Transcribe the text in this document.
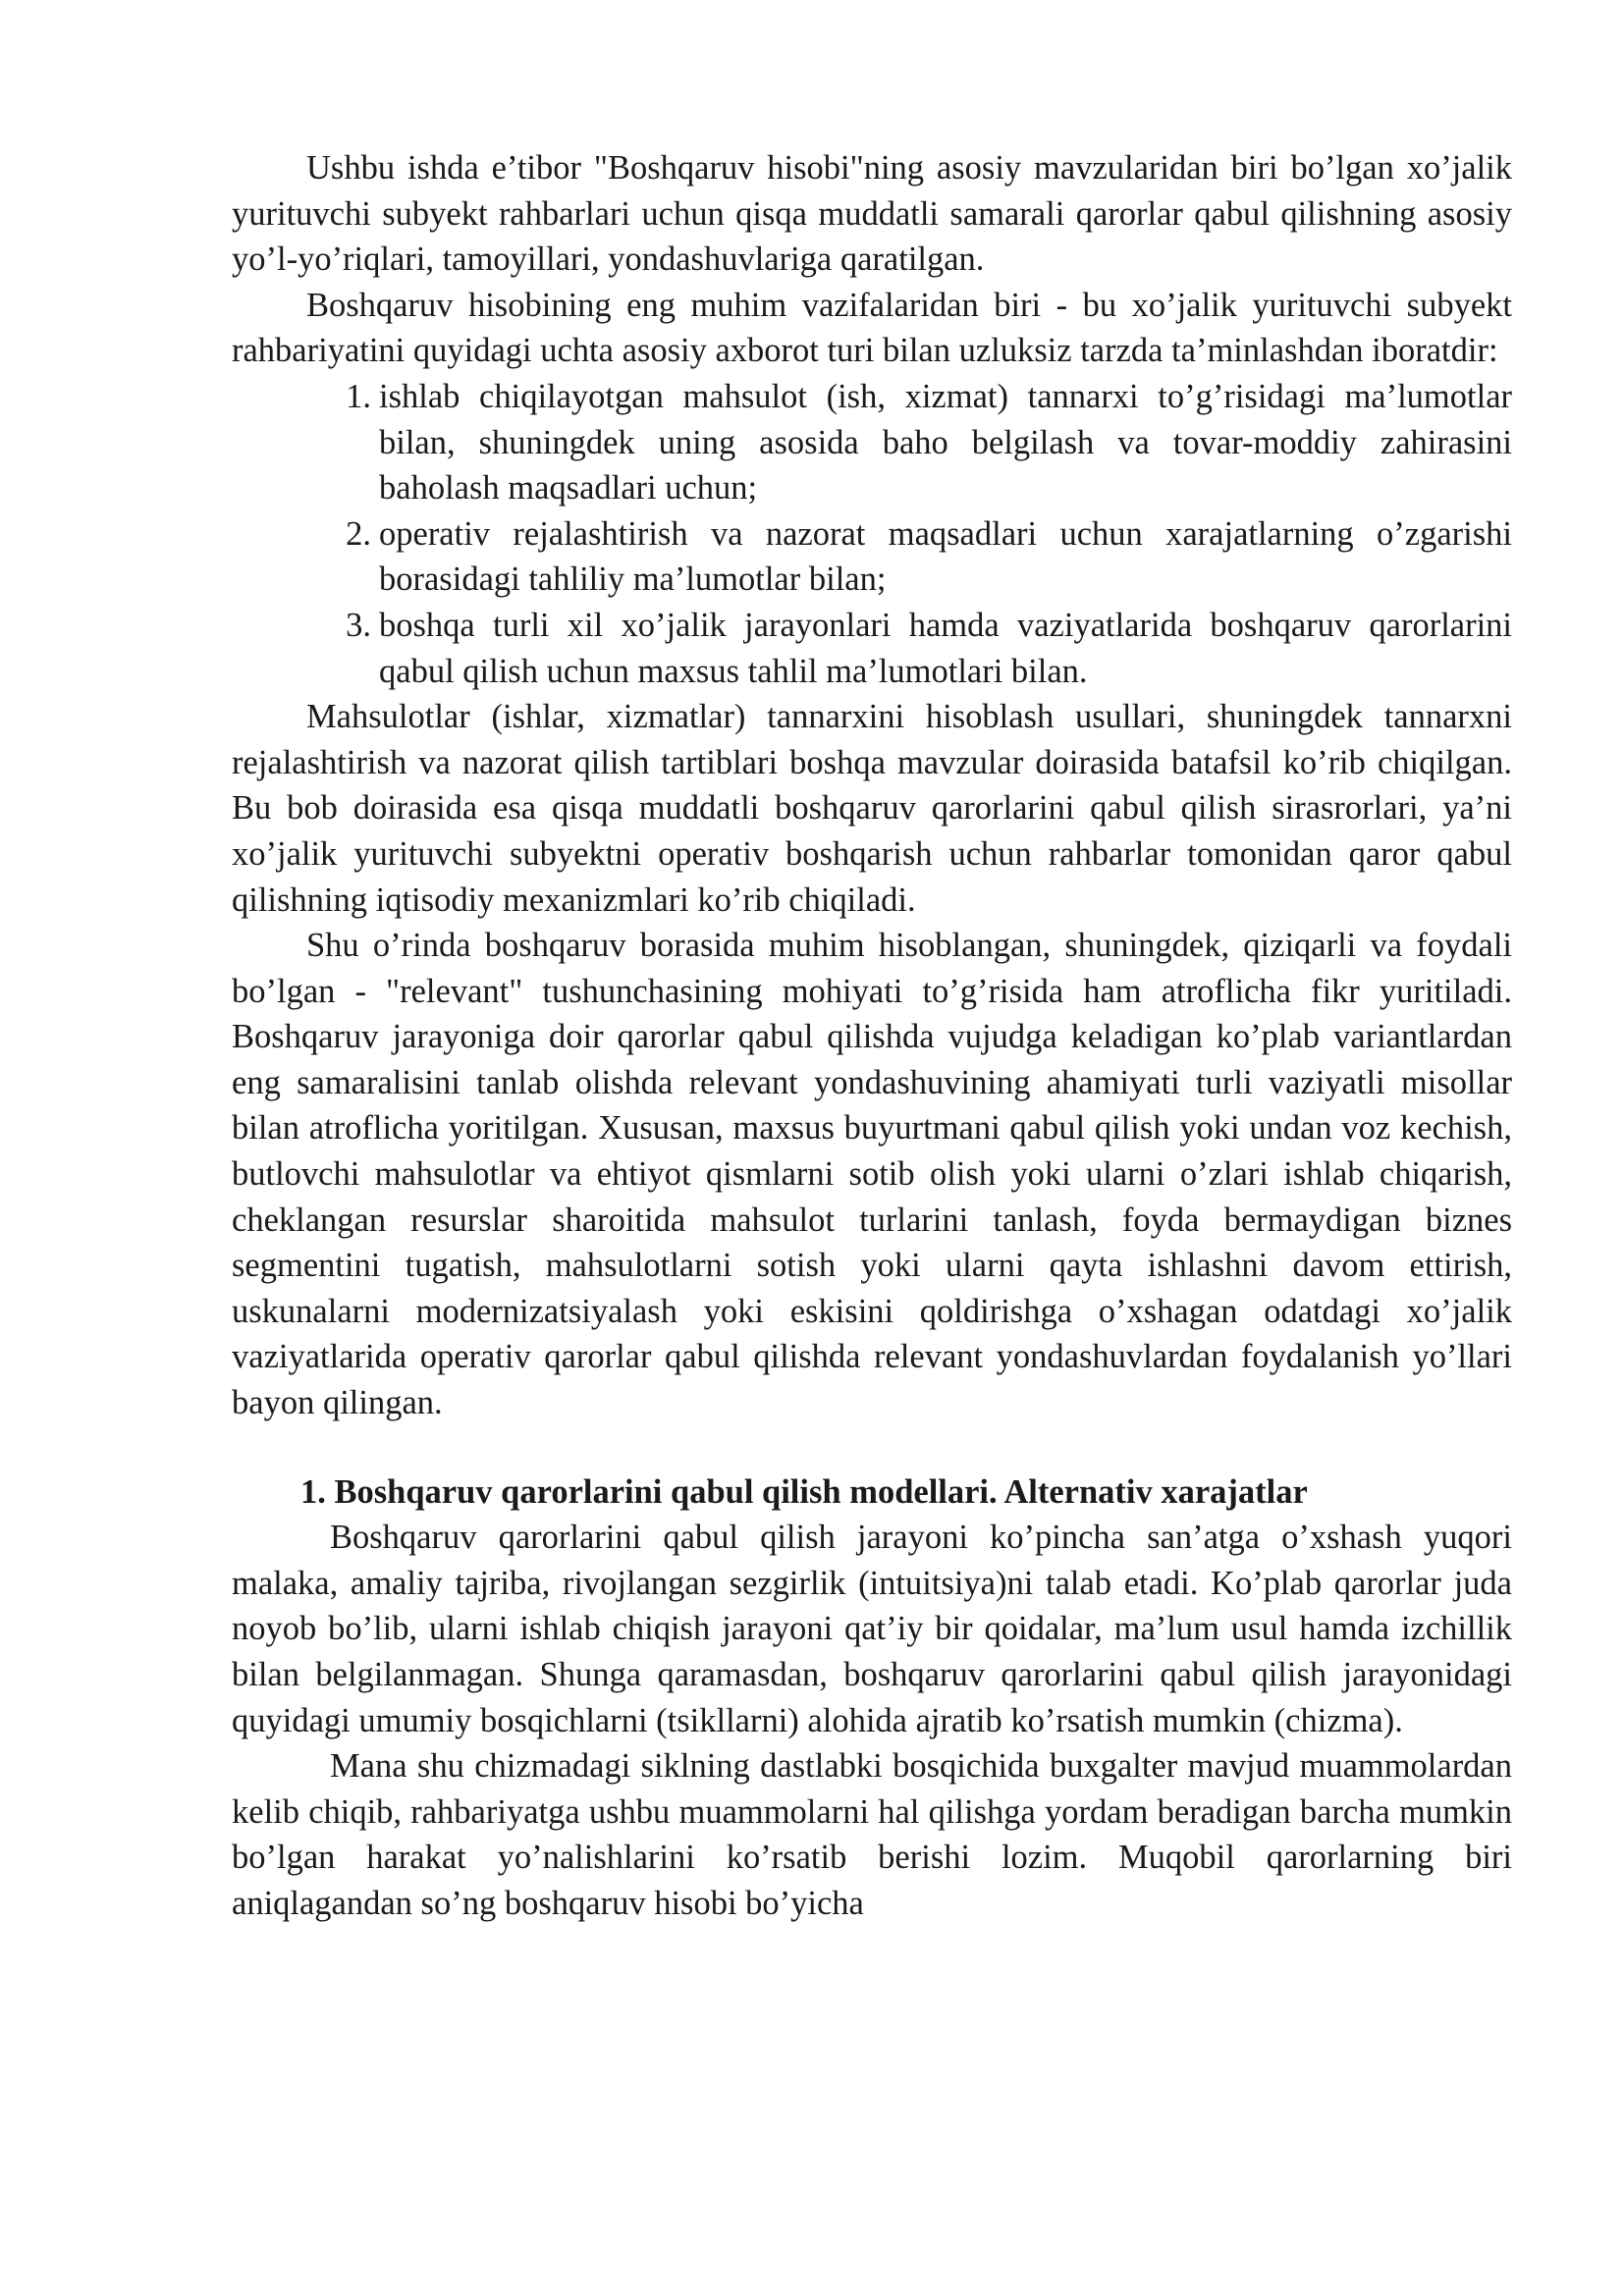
Ushbu ishda e’tibor "Boshqaruv hisobi"ning asosiy mavzularidan biri bo’lgan xo’jalik yurituvchi subyekt rahbarlari uchun qisqa muddatli samarali qarorlar qabul qilishning asosiy yo’l-yo’riqlari, tamoyillari, yondashuvlariga qaratilgan.

Boshqaruv hisobining eng muhim vazifalaridan biri - bu xo’jalik yurituvchi subyekt rahbariyatini quyidagi uchta asosiy axborot turi bilan uzluksiz tarzda ta’minlashdan iboratdir:

1. ishlab chiqilayotgan mahsulot (ish, xizmat) tannarxi to’g’risidagi ma’lumotlar bilan, shuningdek uning asosida baho belgilash va tovar-moddiy zahirasini baholash maqsadlari uchun;
2. operativ rejalashtirish va nazorat maqsadlari uchun xarajatlarning o’zgarishi borasidagi tahliliy ma’lumotlar bilan;
3. boshqa turli xil xo’jalik jarayonlari hamda vaziyatlarida boshqaruv qarorlarini qabul qilish uchun maxsus tahlil ma’lumotlari bilan.

Mahsulotlar (ishlar, xizmatlar) tannarxini hisoblash usullari, shuningdek tannarxni rejalashtirish va nazorat qilish tartiblari boshqa mavzular doirasida batafsil ko’rib chiqilgan. Bu bob doirasida esa qisqa muddatli boshqaruv qarorlarini qabul qilish sirasrorlari, ya’ni xo’jalik yurituvchi subyektni operativ boshqarish uchun rahbarlar tomonidan qaror qabul qilishning iqtisodiy mexanizmlari ko’rib chiqiladi.

Shu o’rinda boshqaruv borasida muhim hisoblangan, shuningdek, qiziqarli va foydali bo’lgan - "relevant" tushunchasining mohiyati to’g’risida ham atroflicha fikr yuritiladi. Boshqaruv jarayoniga doir qarorlar qabul qilishda vujudga keladigan ko’plab variantlardan eng samaralisini tanlab olishda relevant yondashuvining ahamiyati turli vaziyatli misollar bilan atroflicha yoritilgan. Xususan, maxsus buyurtmani qabul qilish yoki undan voz kechish, butlovchi mahsulotlar va ehtiyot qismlarni sotib olish yoki ularni o’zlari ishlab chiqarish, cheklangan resurslar sharoitida mahsulot turlarini tanlash, foyda bermaydigan biznes segmentini tugatish, mahsulotlarni sotish yoki ularni qayta ishlashni davom ettirish, uskunalarni modernizatsiyalash yoki eskisini qoldirishga o’xshagan odatdagi xo’jalik vaziyatlarida operativ qarorlar qabul qilishda relevant yondashuvlardan foydalanish yo’llari bayon qilingan.

1. Boshqaruv qarorlarini qabul qilish modellari. Alternativ xarajatlar

Boshqaruv qarorlarini qabul qilish jarayoni ko’pincha san’atga o’xshash yuqori malaka, amaliy tajriba, rivojlangan sezgirlik (intuitsiya)ni talab etadi. Ko’plab qarorlar juda noyob bo’lib, ularni ishlab chiqish jarayoni qat’iy bir qoidalar, ma’lum usul hamda izchillik bilan belgilanmagan. Shunga qaramasdan, boshqaruv qarorlarini qabul qilish jarayonidagi quyidagi umumiy bosqichlarni (tsikllarni) alohida ajratib ko’rsatish mumkin (chizma).

Mana shu chizmadagi siklning dastlabki bosqichida buxgalter mavjud muammolardan kelib chiqib, rahbariyatga ushbu muammolarni hal qilishga yordam beradigan barcha mumkin bo’lgan harakat yo’nalishlarini ko’rsatib berishi lozim. Muqobil qarorlarning biri aniqlagandan so’ng boshqaruv hisobi bo’yicha
